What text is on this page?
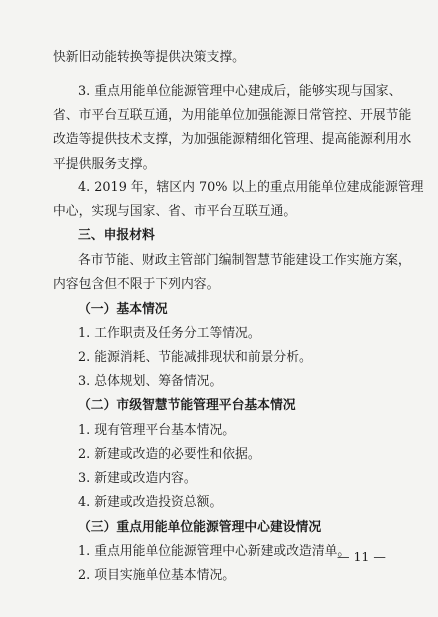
快新旧动能转换等提供决策支撑。
3. 重点用能单位能源管理中心建成后，能够实现与国家、
省、市平台互联互通，为用能单位加强能源日常管控、开展节能
改造等提供技术支撑，为加强能源精细化管理、提高能源利用水
平提供服务支撑。
4. 2019 年，辖区内 70% 以上的重点用能单位建成能源管理
中心，实现与国家、省、市平台互联互通。
三、申报材料
各市节能、财政主管部门编制智慧节能建设工作实施方案，
内容包含但不限于下列内容。
（一）基本情况
1. 工作职责及任务分工等情况。
2. 能源消耗、节能减排现状和前景分析。
3. 总体规划、筹备情况。
（二）市级智慧节能管理平台基本情况
1. 现有管理平台基本情况。
2. 新建或改造的必要性和依据。
3. 新建或改造内容。
4. 新建或改造投资总额。
（三）重点用能单位能源管理中心建设情况
1. 重点用能单位能源管理中心新建或改造清单。
2. 项目实施单位基本情况。
— 11 —
